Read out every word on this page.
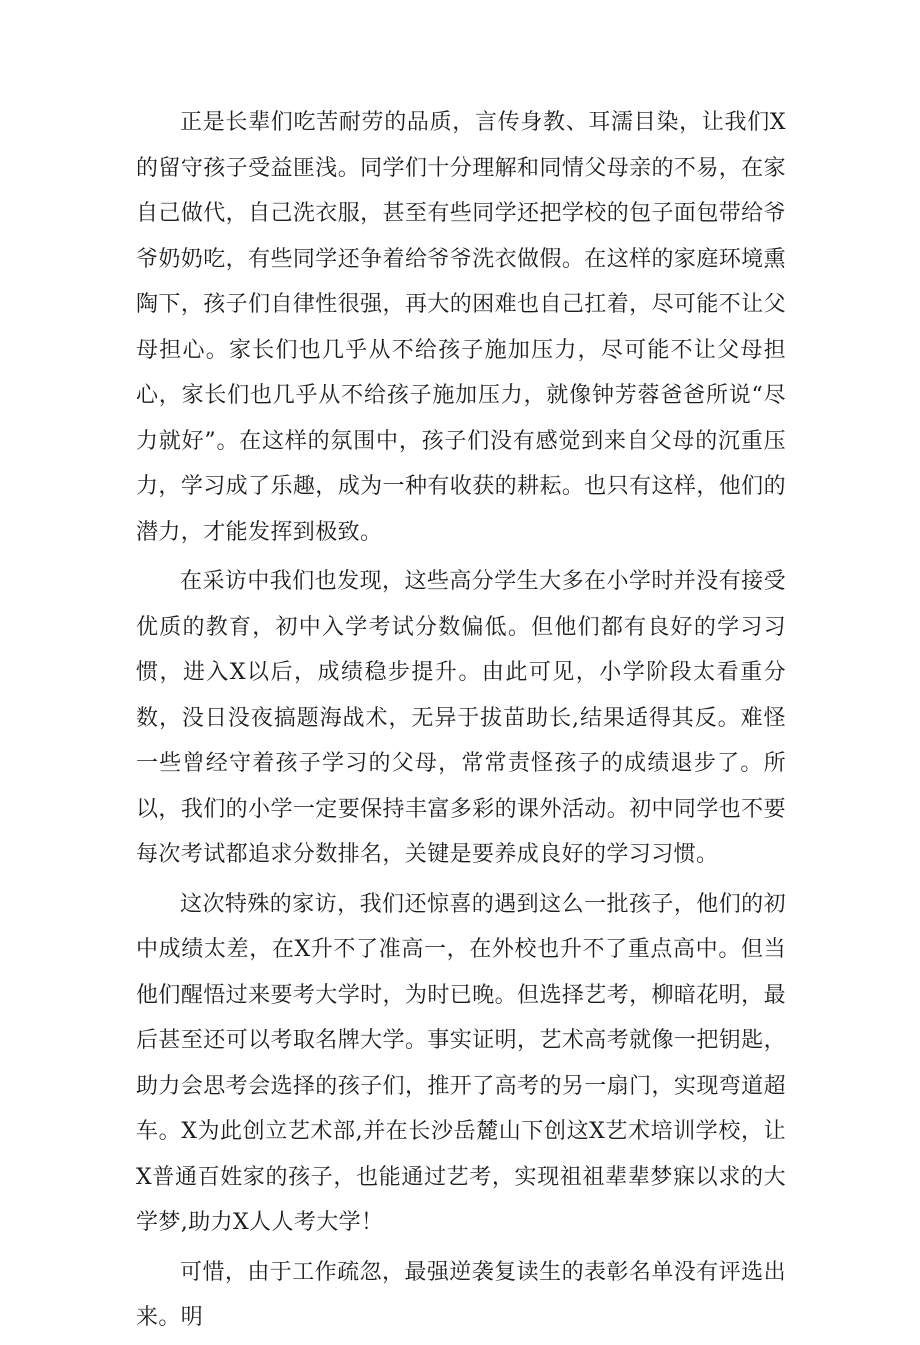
正是长辈们吃苦耐劳的品质，言传身教、耳濡目染，让我们X的留守孩子受益匪浅。同学们十分理解和同情父母亲的不易，在家自己做代，自己洗衣服，甚至有些同学还把学校的包子面包带给爷爷奶奶吃，有些同学还争着给爷爷洗衣做假。在这样的家庭环境熏陶下，孩子们自律性很强，再大的困难也自己扛着，尽可能不让父母担心。家长们也几乎从不给孩子施加压力，尽可能不让父母担心，家长们也几乎从不给孩子施加压力，就像钟芳蓉爸爸所说“尽力就好”。在这样的氛围中，孩子们没有感觉到来自父母的沉重压力，学习成了乐趣，成为一种有收获的耕耘。也只有这样，他们的潜力，才能发挥到极致。

在采访中我们也发现，这些高分学生大多在小学时并没有接受优质的教育，初中入学考试分数偏低。但他们都有良好的学习习惯，进入X以后，成绩稳步提升。由此可见，小学阶段太看重分数，没日没夜搞题海战术，无异于拔苗助长,结果适得其反。难怪一些曾经守着孩子学习的父母，常常责怪孩子的成绩退步了。所以，我们的小学一定要保持丰富多彩的课外活动。初中同学也不要每次考试都追求分数排名，关键是要养成良好的学习习惯。

这次特殊的家访，我们还惊喜的遇到这么一批孩子，他们的初中成绩太差，在X升不了准高一，在外校也升不了重点高中。但当他们醒悟过来要考大学时，为时已晚。但选择艺考，柳暗花明，最后甚至还可以考取名牌大学。事实证明，艺术高考就像一把钥匙，助力会思考会选择的孩子们，推开了高考的另一扇门，实现弯道超车。X为此创立艺术部,并在长沙岳麓山下创这X艺术培训学校，让X普通百姓家的孩子，也能通过艺考，实现祖祖辈辈梦寐以求的大学梦,助力X人人考大学！

可惜，由于工作疏忽，最强逆袭复读生的表彰名单没有评选出来。明
